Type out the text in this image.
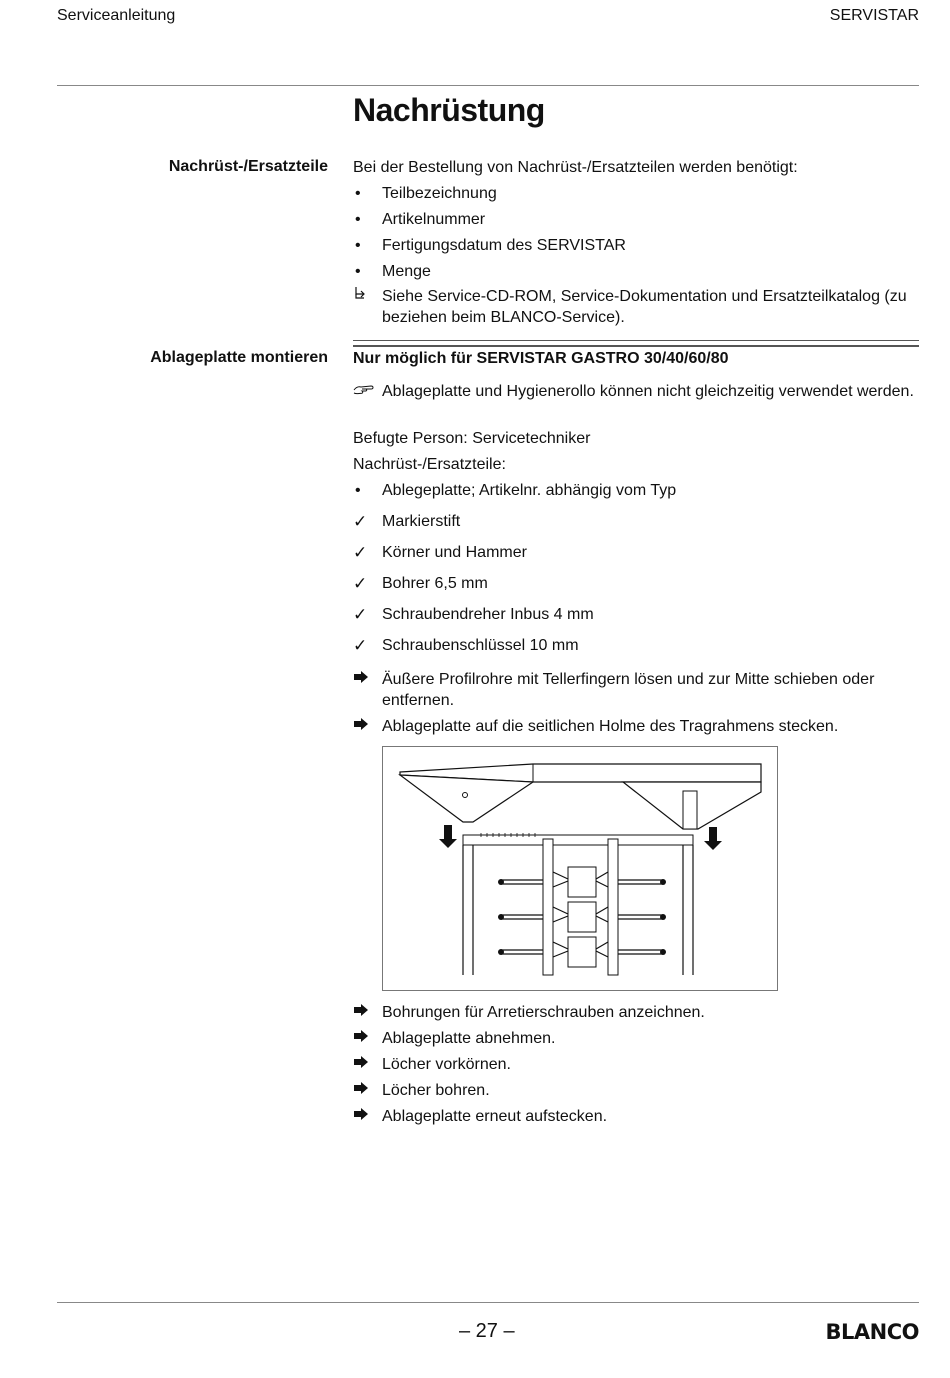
Serviceanleitung	SERVISTAR
Nachrüstung
Nachrüst-/Ersatzteile Bei der Bestellung von Nachrüst-/Ersatzteilen werden benötigt:
•	Teilbezeichnung
•	Artikelnummer
•	Fertigungsdatum des SERVISTAR
•	Menge
Siehe Service-CD-ROM, Service-Dokumentation und Ersatzteilkatalog (zu beziehen beim BLANCO-Service).
Ablageplatte montieren Nur möglich für SERVISTAR GASTRO 30/40/60/80
Ablageplatte und Hygienerollo können nicht gleichzeitig verwendet werden.
Befugte Person: Servicetechniker
Nachrüst-/Ersatzteile:
•	Ablegeplatte; Artikelnr. abhängig vom Typ
✓ Markierstift
✓ Körner und Hammer
✓ Bohrer 6,5 mm
✓ Schraubendreher Inbus 4 mm
✓ Schraubenschlüssel 10 mm
Äußere Profilrohre mit Tellerfingern lösen und zur Mitte schieben oder entfernen.
Ablageplatte auf die seitlichen Holme des Tragrahmens stecken.
Bohrungen für Arretierschrauben anzeichnen.
Ablageplatte abnehmen.
Löcher vorkörnen.
Löcher bohren.
Ablageplatte erneut aufstecken.
– 27 –	BLANCO
